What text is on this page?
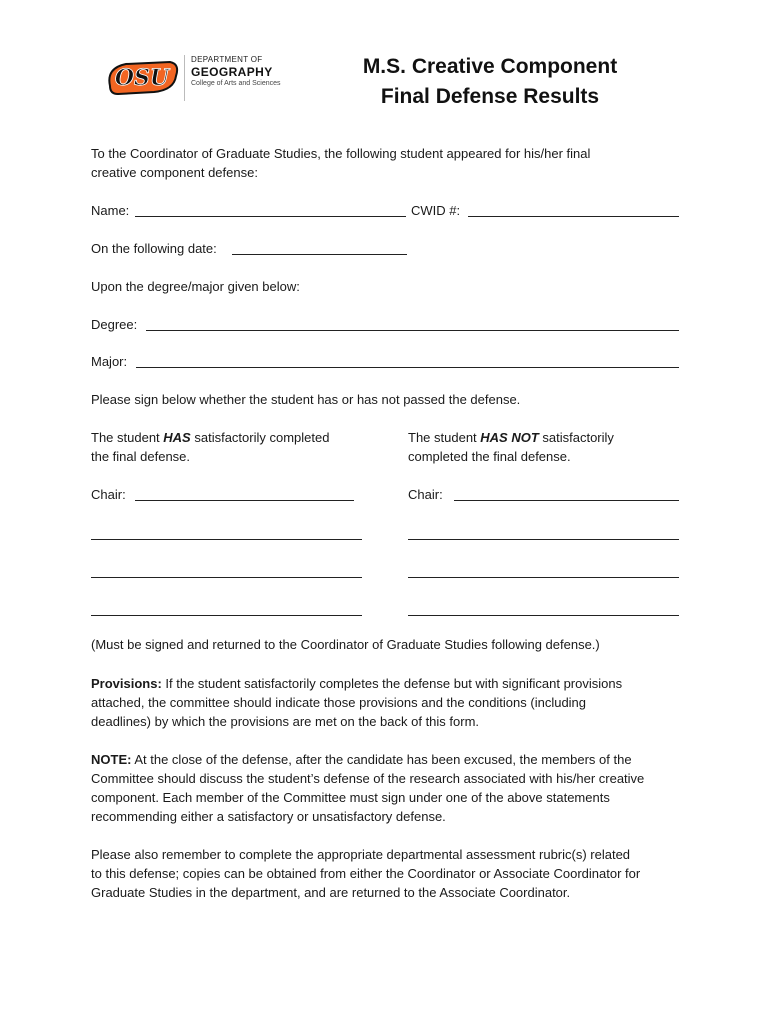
OSU
DEPARTMENT OF
GEOGRAPHY
College of Arts and Sciences
M.S. Creative Component
Final Defense Results
To the Coordinator of Graduate Studies, the following student appeared for his/her final
creative component defense:
Name:	CWID #:
On the following date:
Upon the degree/major given below:
Degree:
Major:
Please sign below whether the student has or has not passed the defense.
The student HAS satisfactorily completed
the final defense.
Chair:
The student HAS NOT satisfactorily
completed the final defense.
Chair:
(Must be signed and returned to the Coordinator of Graduate Studies following defense.)
Provisions: If the student satisfactorily completes the defense but with significant provisions
attached, the committee should indicate those provisions and the conditions (including
deadlines) by which the provisions are met on the back of this form.
NOTE: At the close of the defense, after the candidate has been excused, the members of the
Committee should discuss the student’s defense of the research associated with his/her creative
component. Each member of the Committee must sign under one of the above statements
recommending either a satisfactory or unsatisfactory defense.
Please also remember to complete the appropriate departmental assessment rubric(s) related
to this defense; copies can be obtained from either the Coordinator or Associate Coordinator for
Graduate Studies in the department, and are returned to the Associate Coordinator.
